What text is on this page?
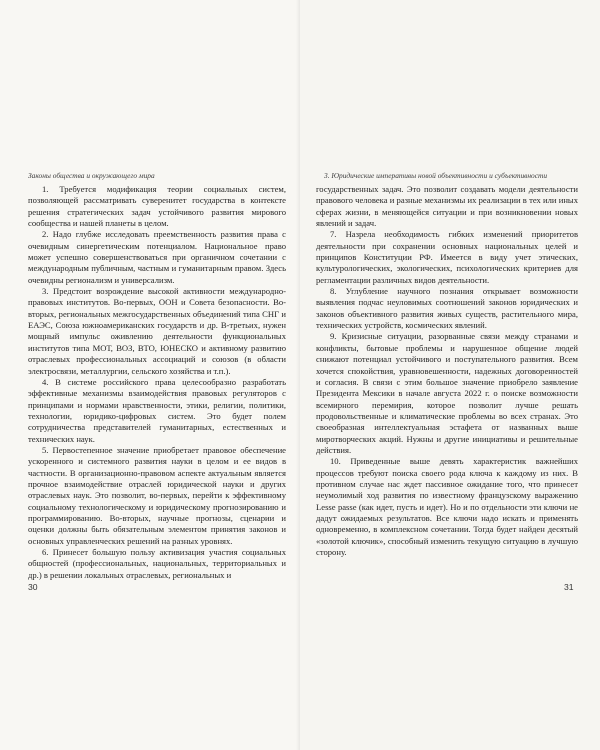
Законы общества и окружающего мира

1. Требуется модификация теории социальных систем, позволяющей рассматривать суверенитет государства в контексте решения стратегических задач устойчивого развития мирового сообщества и нашей планеты в целом.

2. Надо глубже исследовать преемственность развития права с очевидным синергетическим потенциалом. Национальное право может успешно совершенствоваться при органичном сочетании с международным публичным, частным и гуманитарным правом. Здесь очевидны регионализм и универсализм.

3. Предстоит возрождение высокой активности международно-правовых институтов. Во-первых, ООН и Совета безопасности. Во-вторых, региональных межгосударственных объединений типа СНГ и ЕАЭС, Союза южноамериканских государств и др. В-третьих, нужен мощный импульс оживлению деятельности функциональных институтов типа МОТ, ВОЗ, ВТО, ЮНЕСКО и активному развитию отраслевых профессиональных ассоциаций и союзов (в области электросвязи, металлургии, сельского хозяйства и т.п.).

4. В системе российского права целесообразно разработать эффективные механизмы взаимодействия правовых регуляторов с принципами и нормами нравственности, этики, религии, политики, технологии, юридико-цифровых систем. Это будет полем сотрудничества представителей гуманитарных, естественных и технических наук.

5. Первостепенное значение приобретает правовое обеспечение ускоренного и системного развития науки в целом и ее видов в частности. В организационно-правовом аспекте актуальным является прочное взаимодействие отраслей юридической науки и других отраслевых наук. Это позволит, во-первых, перейти к эффективному социальному технологическому и юридическому прогнозированию и программированию. Во-вторых, научные прогнозы, сценарии и оценки должны быть обязательным элементом принятия законов и основных управленческих решений на разных уровнях.

6. Принесет большую пользу активизация участия социальных общностей (профессиональных, национальных, территориальных и др.) в решении локальных отраслевых, региональных и

30
3. Юридические императивы новой объективности и субъективности

государственных задач. Это позволит создавать модели деятельности правового человека и разные механизмы их реализации в тех или иных сферах жизни, в меняющейся ситуации и при возникновении новых явлений и задач.

7. Назрела необходимость гибких изменений приоритетов деятельности при сохранении основных национальных целей и принципов Конституции РФ. Имеется в виду учет этических, культурологических, экологических, психологических критериев для регламентации различных видов деятельности.

8. Углубление научного познания открывает возможности выявления подчас неуловимых соотношений законов юридических и законов объективного развития живых существ, растительного мира, технических устройств, космических явлений.

9. Кризисные ситуации, разорванные связи между странами и конфликты, бытовые проблемы и нарушенное общение людей снижают потенциал устойчивого и поступательного развития. Всем хочется спокойствия, уравновешенности, надежных договоренностей и согласия. В связи с этим большое значение приобрело заявление Президента Мексики в начале августа 2022 г. о поиске возможности всемирного перемирия, которое позволит лучше решать продовольственные и климатические проблемы во всех странах. Это своеобразная интеллектуальная эстафета от названных выше миротворческих акций. Нужны и другие инициативы и решительные действия.

10. Приведенные выше девять характеристик важнейших процессов требуют поиска своего рода ключа к каждому из них. В противном случае нас ждет пассивное ожидание того, что принесет неумолимый ход развития по известному французскому выражению Lesse passe (как идет, пусть и идет). Но и по отдельности эти ключи не дадут ожидаемых результатов. Все ключи надо искать и применять одновременно, в комплексном сочетании. Тогда будет найден десятый «золотой ключик», способный изменить текущую ситуацию в лучшую сторону.

31
